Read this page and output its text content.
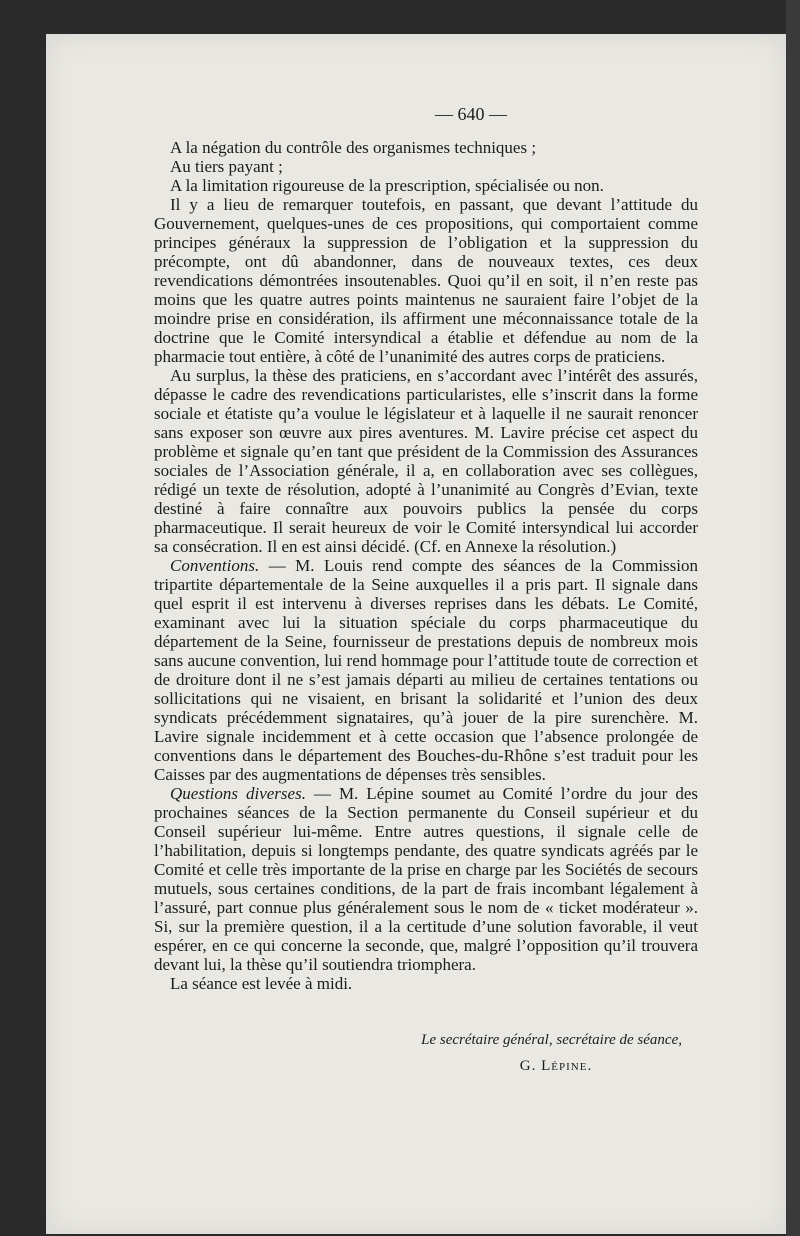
— 640 —

A la négation du contrôle des organismes techniques ;

Au tiers payant ;

A la limitation rigoureuse de la prescription, spécialisée ou non.

Il y a lieu de remarquer toutefois, en passant, que devant l’attitude du Gouvernement, quelques-unes de ces propositions, qui comportaient comme principes généraux la suppression de l’obligation et la suppression du précompte, ont dû abandonner, dans de nouveaux textes, ces deux revendications démontrées insoutenables. Quoi qu’il en soit, il n’en reste pas moins que les quatre autres points maintenus ne sauraient faire l’objet de la moindre prise en considération, ils affirment une méconnaissance totale de la doctrine que le Comité intersyndical a établie et défendue au nom de la pharmacie tout entière, à côté de l’unanimité des autres corps de praticiens.

Au surplus, la thèse des praticiens, en s’accordant avec l’intérêt des assurés, dépasse le cadre des revendications particularistes, elle s’inscrit dans la forme sociale et étatiste qu’a voulue le législateur et à laquelle il ne saurait renoncer sans exposer son œuvre aux pires aventures. M. Lavire précise cet aspect du problème et signale qu’en tant que président de la Commission des Assurances sociales de l’Association générale, il a, en collaboration avec ses collègues, rédigé un texte de résolution, adopté à l’unanimité au Congrès d’Evian, texte destiné à faire connaître aux pouvoirs publics la pensée du corps pharmaceutique. Il serait heureux de voir le Comité intersyndical lui accorder sa consécration. Il en est ainsi décidé. (Cf. en Annexe la résolution.)

Conventions. — M. Louis rend compte des séances de la Commission tripartite départementale de la Seine auxquelles il a pris part. Il signale dans quel esprit il est intervenu à diverses reprises dans les débats. Le Comité, examinant avec lui la situation spéciale du corps pharmaceutique du département de la Seine, fournisseur de prestations depuis de nombreux mois sans aucune convention, lui rend hommage pour l’attitude toute de correction et de droiture dont il ne s’est jamais départi au milieu de certaines tentations ou sollicitations qui ne visaient, en brisant la solidarité et l’union des deux syndicats précédemment signataires, qu’à jouer de la pire surenchère. M. Lavire signale incidemment et à cette occasion que l’absence prolongée de conventions dans le département des Bouches-du-Rhône s’est traduit pour les Caisses par des augmentations de dépenses très sensibles.

Questions diverses. — M. Lépine soumet au Comité l’ordre du jour des prochaines séances de la Section permanente du Conseil supérieur et du Conseil supérieur lui-même. Entre autres questions, il signale celle de l’habilitation, depuis si longtemps pendante, des quatre syndicats agréés par le Comité et celle très importante de la prise en charge par les Sociétés de secours mutuels, sous certaines conditions, de la part de frais incombant légalement à l’assuré, part connue plus généralement sous le nom de « ticket modérateur ». Si, sur la première question, il a la certitude d’une solution favorable, il veut espérer, en ce qui concerne la seconde, que, malgré l’opposition qu’il trouvera devant lui, la thèse qu’il soutiendra triomphera.

La séance est levée à midi.

Le secrétaire général, secrétaire de séance,
G. Lépine.
